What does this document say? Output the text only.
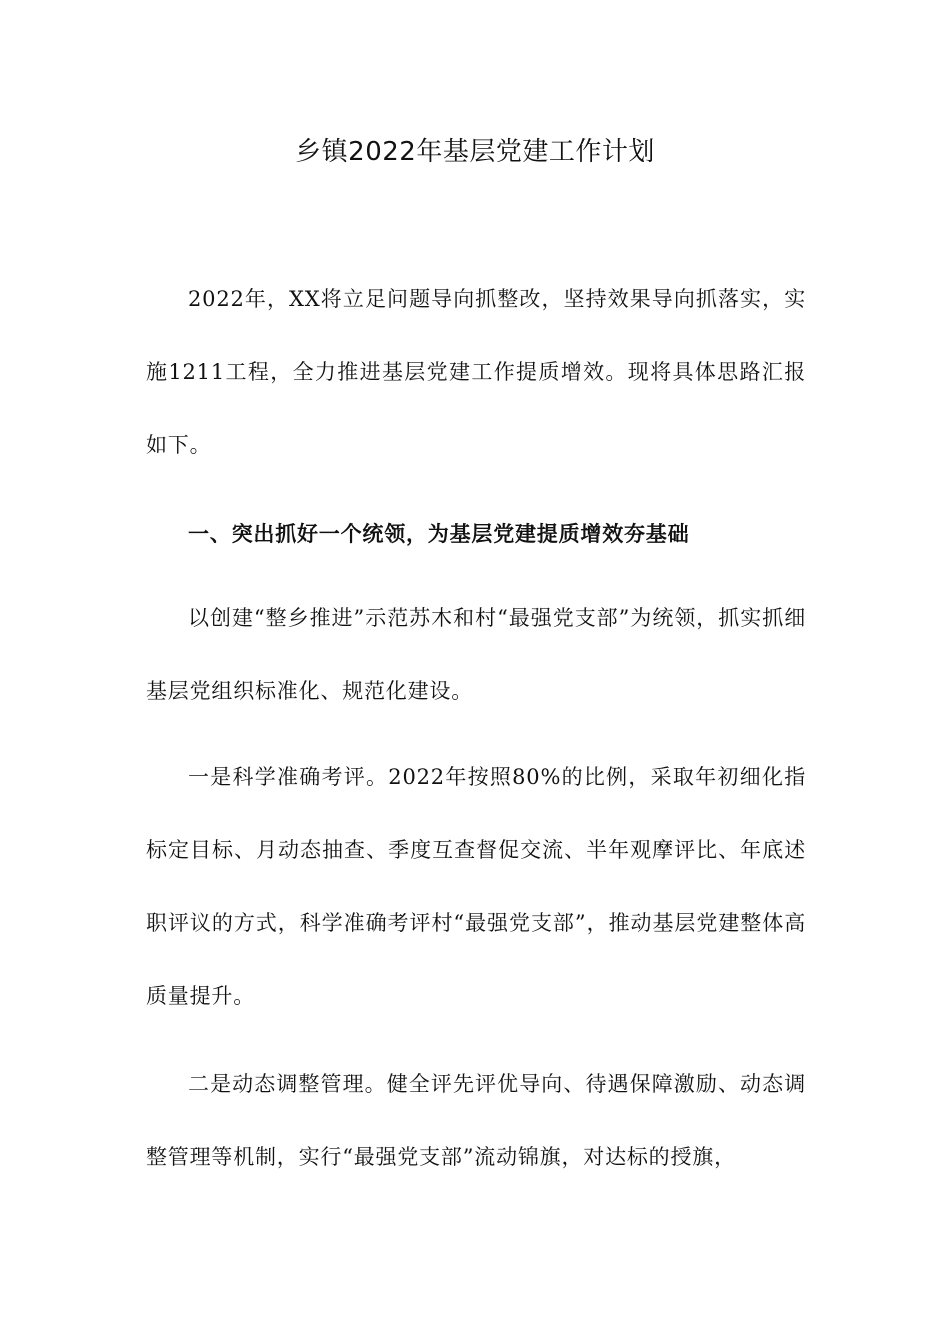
乡镇2022年基层党建工作计划
2022年，XX将立足问题导向抓整改，坚持效果导向抓落实，实施1211工程，全力推进基层党建工作提质增效。现将具体思路汇报如下。
一、突出抓好一个统领，为基层党建提质增效夯基础
以创建“整乡推进”示范苏木和村“最强党支部”为统领，抓实抓细基层党组织标准化、规范化建设。
一是科学准确考评。2022年按照80%的比例，采取年初细化指标定目标、月动态抽查、季度互查督促交流、半年观摩评比、年底述职评议的方式，科学准确考评村“最强党支部”，推动基层党建整体高质量提升。
二是动态调整管理。健全评先评优导向、待遇保障激励、动态调整管理等机制，实行“最强党支部”流动锦旗，对达标的授旗，
